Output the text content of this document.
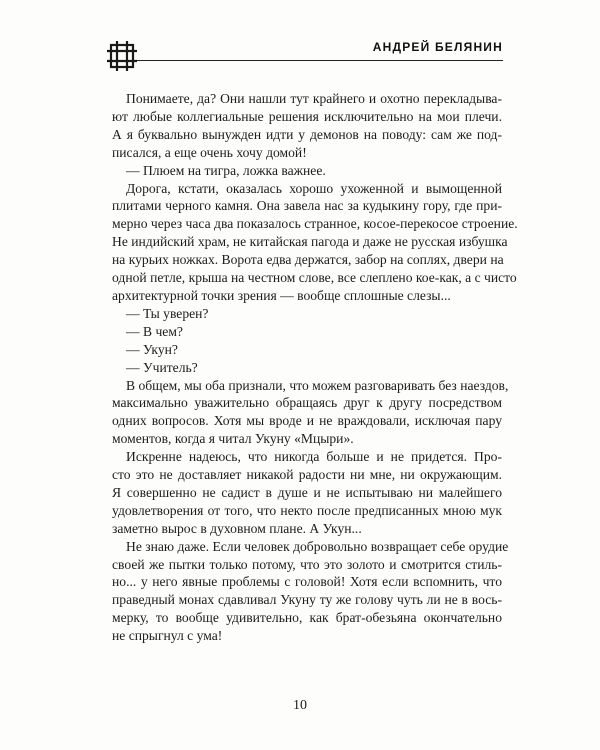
АНДРЕЙ БЕЛЯНИН
Понимаете, да? Они нашли тут крайнего и охотно перекладыва-
ют любые коллегиальные решения исключительно на мои плечи.
А я буквально вынужден идти у демонов на поводу: сам же под-
писался, а еще очень хочу домой!
— Плюем на тигра, ложка важнее.
Дорога, кстати, оказалась хорошо ухоженной и вымощенной
плитами черного камня. Она завела нас за кудыкину гору, где при-
мерно через часа два показалось странное, косое-перекосое строение.
Не индийский храм, не китайская пагода и даже не русская избушка
на курьих ножках. Ворота едва держатся, забор на соплях, двери на
одной петле, крыша на честном слове, все слеплено кое-как, а с чисто
архитектурной точки зрения — вообще сплошные слезы...
— Ты уверен?
— В чем?
— Укун?
— Учитель?
В общем, мы оба признали, что можем разговаривать без наездов,
максимально уважительно обращаясь друг к другу посредством
одних вопросов. Хотя мы вроде и не враждовали, исключая пару
моментов, когда я читал Укуну «Мцыри».
Искренне надеюсь, что никогда больше и не придется. Про-
сто это не доставляет никакой радости ни мне, ни окружающим.
Я совершенно не садист в душе и не испытываю ни малейшего
удовлетворения от того, что некто после предписанных мною мук
заметно вырос в духовном плане. А Укун...
Не знаю даже. Если человек добровольно возвращает себе орудие
своей же пытки только потому, что это золото и смотрится стиль-
но... у него явные проблемы с головой! Хотя если вспомнить, что
праведный монах сдавливал Укуну ту же голову чуть ли не в вось-
мерку, то вообще удивительно, как брат-обезьяна окончательно
не спрыгнул с ума!
10
